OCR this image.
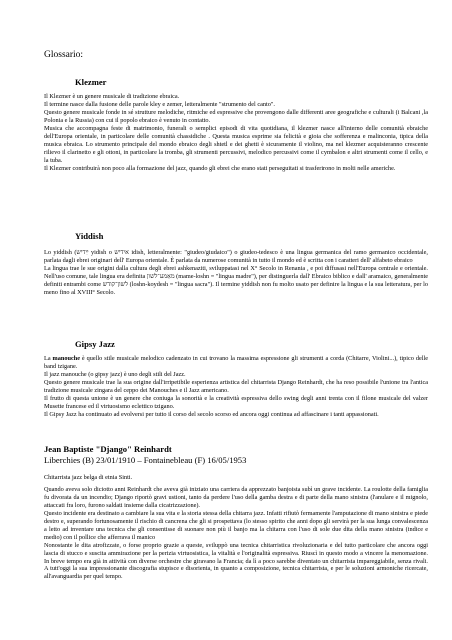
Glossario:
Klezmer

Il Klezmer è un genere musicale di tradizione ebraica.

Il termine nasce dalla fusione delle parole kley e zemer, letteralmente "strumento del canto".

Questo genere musicale fonde in sé strutture melodiche, ritmiche ed espressive che provengono dalle differenti aree geografiche e culturali (i Balcani ,la Polonia e la Russia) con cui il popolo ebraico è venuto in contatto.

Musica che accompagna feste di matrimonio, funerali o semplici episodi di vita quotidiana, il klezmer nasce all'interno delle comunità ebraiche dell'Europa orientale, in particolare delle comunità chassidiche . Questa musica esprime sia felicità e gioia che sofferenza e malinconia, tipica della musica ebraica. Lo strumento principale del mondo ebraico degli shtetl e dei ghetti è sicuramente il violino, ma nel klezmer acquisteranno crescente rilievo il clarinetto e gli ottoni, in particolare la tromba, gli strumenti percussivi, melodico percussivi come il cymbalon e altri strumenti come il cello, e la tuba.

Il Klezmer contribuirà non poco alla formazione del jazz, quando gli ebrei che erano stati perseguitati si trasferirono in molti nelle americhe.

Yiddish

Lo yiddish (ײִדיש yidish o אידיש idish, letteralmente: "giudeo/giudaico") o giudeo-tedesco è una lingua germanica del ramo germanico occidentale, parlata dagli ebrei originari dell' Europa orientale. È parlata da numerose comunità in tutto il mondo ed è scritta con i caratteri dell' alfabeto ebraico

La lingua trae le sue origini dalla cultura degli ebrei ashkenaziti, sviluppatasi nel X° Secolo in Renania , e poi diffusasi nell'Europa centrale e orientale. Nell'uso comune, tale lingua era definita מאַמע־לשון (mame-loshn = "lingua madre"), per distinguerla dall' Ebraico biblico e dall' aramaico, generalmente definiti entrambi come לשון־קודש (loshn-koydesh = "lingua sacra"). Il termine yiddish non fu molto usato per definire la lingua e la sua letteratura, per lo meno fino al XVIII° Secolo.

Gipsy Jazz

La manouche è quello stile musicale melodico cadenzato in cui trovano la massima espressione gli strumenti a corda (Chitarre, Violini...), tipico delle band tzigane.

Il jazz manouche (o gipsy jazz) è uno degli stili del Jazz.

Questo genere musicale trae la sua origine dall'irripetibile esperienza artistica del chitarrista Django Reinhardt, che ha reso possibile l'unione tra l'antica tradizione musicale zingara del ceppo dei Manouches e il Jazz americano.

Il frutto di questa unione è un genere che coniuga la sonorità e la creatività espressiva dello swing degli anni trenta con il filone musicale del valzer Musette francese ed il virtuosismo eclettico tzigano.

Il Gipsy Jazz ha continuato ad evolversi per tutto il corso del secolo scorso ed ancora oggi continua ad affascinare i tanti appassionati.

Jean Baptiste "Django" Reinhardt
Liberchies (B) 23/01/1910 – Fontainebleau (F) 16/05/1953

Chitarrista jazz belga di etnia Sinti.

Quando aveva solo diciotto anni Reinhardt che aveva già iniziato una carriera da apprezzato banjoista subì un grave incidente. La roulotte della famiglia fu divorata da un incendio; Django riportò gravi ustioni, tanto da perdere l'uso della gamba destra e di parte della mano sinistra (l'anulare e il mignolo, attaccati fra loro, furono saldati insieme dalla cicatrizzazione).

Questo incidente era destinato a cambiare la sua vita e la storia stessa della chitarra jazz. Infatti rifiutò fermamente l'amputazione di mano sinistra e piede destro e, superando fortunosamente il rischio di cancrena che gli si prospettava (lo stesso spirito che anni dopo gli servirà per la sua lunga convalescenza a letto ad inventare una tecnica che gli consentisse di suonare non più il banjo ma la chitarra con l'uso di sole due dita della mano sinistra (indice e medio) con il pollice che afferrava il manico

Nonostante le dita atrofizzate, o forse proprio grazie a queste, sviluppò una tecnica chitarristica rivoluzionaria e del tutto particolare che ancora oggi lascia di stucco e suscita ammirazione per la perizia virtuosistica, la vitalità e l'originalità espressiva. Riuscì in questo modo a vincere la menomazione. In breve tempo era già in attività con diverse orchestre che giravano la Francia; da lì a poco sarebbe diventato un chitarrista impareggiabile, senza rivali. A tutt'oggi la sua impressionante discografia stupisce e disorienta, in quanto a composizione, tecnica chitarrista, e per le soluzioni armoniche ricercate, all'avanguardia per quel tempo.
